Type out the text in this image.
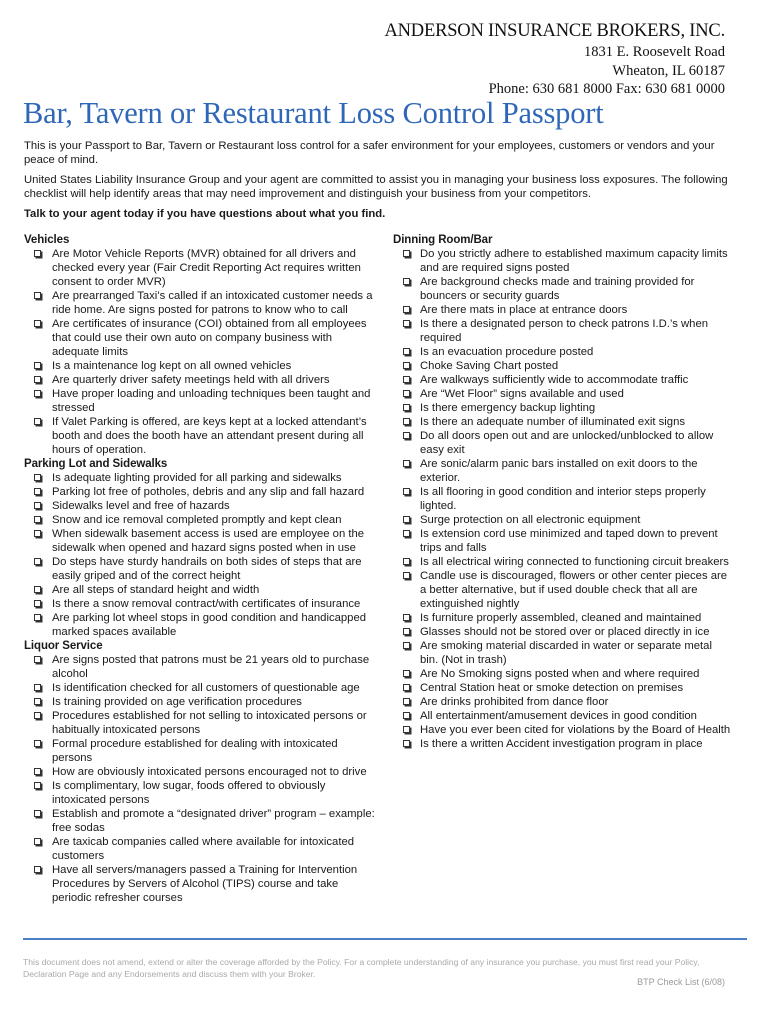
ANDERSON INSURANCE BROKERS, INC.
1831 E. Roosevelt Road
Wheaton, IL 60187
Phone: 630 681 8000 Fax: 630 681 0000
Bar, Tavern or Restaurant Loss Control Passport

This is your Passport to Bar, Tavern or Restaurant loss control for a safer environment for your employees, customers or vendors and your peace of mind.

United States Liability Insurance Group and your agent are committed to assist you in managing your business loss exposures. The following checklist will help identify areas that may need improvement and distinguish your business from your competitors.

Talk to your agent today if you have questions about what you find.

Vehicles
Are Motor Vehicle Reports (MVR) obtained for all drivers and checked every year (Fair Credit Reporting Act requires written consent to order MVR)
Are prearranged Taxi’s called if an intoxicated customer needs a ride home. Are signs posted for patrons to know who to call
Are certificates of insurance (COI) obtained from all employees that could use their own auto on company business with adequate limits
Is a maintenance log kept on all owned vehicles
Are quarterly driver safety meetings held with all drivers
Have proper loading and unloading techniques been taught and stressed
If Valet Parking is offered, are keys kept at a locked attendant’s booth and does the booth have an attendant present during all hours of operation.
Parking Lot and Sidewalks
Is adequate lighting provided for all parking and sidewalks
Parking lot free of potholes, debris and any slip and fall hazard
Sidewalks level and free of hazards
Snow and ice removal completed promptly and kept clean
When sidewalk basement access is used are employee on the sidewalk when opened and hazard signs posted when in use
Do steps have sturdy handrails on both sides of steps that are easily griped and of the correct height
Are all steps of standard height and width
Is there a snow removal contract/with certificates of insurance
Are parking lot wheel stops in good condition and handicapped marked spaces available
Liquor Service
Are signs posted that patrons must be 21 years old to purchase alcohol
Is identification checked for all customers of questionable age
Is training provided on age verification procedures
Procedures established for not selling to intoxicated persons or habitually intoxicated persons
Formal procedure established for dealing with intoxicated persons
How are obviously intoxicated persons encouraged not to drive
Is complimentary, low sugar, foods offered to obviously intoxicated persons
Establish and promote a “designated driver” program – example: free sodas
Are taxicab companies called where available for intoxicated customers
Have all servers/managers passed a Training for Intervention Procedures by Servers of Alcohol (TIPS) course and take periodic refresher courses
Dinning Room/Bar
Do you strictly adhere to established maximum capacity limits and are required signs posted
Are background checks made and training provided for bouncers or security guards
Are there mats in place at entrance doors
Is there a designated person to check patrons I.D.’s when required
Is an evacuation procedure posted
Choke Saving Chart posted
Are walkways sufficiently wide to accommodate traffic
Are “Wet Floor” signs available and used
Is there emergency backup lighting
Is there an adequate number of illuminated exit signs
Do all doors open out and are unlocked/unblocked to allow easy exit
Are sonic/alarm panic bars installed on exit doors to the exterior.
Is all flooring in good condition and interior steps properly lighted.
Surge protection on all electronic equipment
Is extension cord use minimized and taped down to prevent trips and falls
Is all electrical wiring connected to functioning circuit breakers
Candle use is discouraged, flowers or other center pieces are a better alternative, but if used double check that all are extinguished nightly
Is furniture properly assembled, cleaned and maintained
Glasses should not be stored over or placed directly in ice
Are smoking material discarded in water or separate metal bin. (Not in trash)
Are No Smoking signs posted when and where required
Central Station heat or smoke detection on premises
Are drinks prohibited from dance floor
All entertainment/amusement devices in good condition
Have you ever been cited for violations by the Board of Health
Is there a written Accident investigation program in place
This document does not amend, extend or alter the coverage afforded by the Policy. For a complete understanding of any insurance you purchase, you must first read your Policy, Declaration Page and any Endorsements and discuss them with your Broker.
BTP Check List (6/08)
